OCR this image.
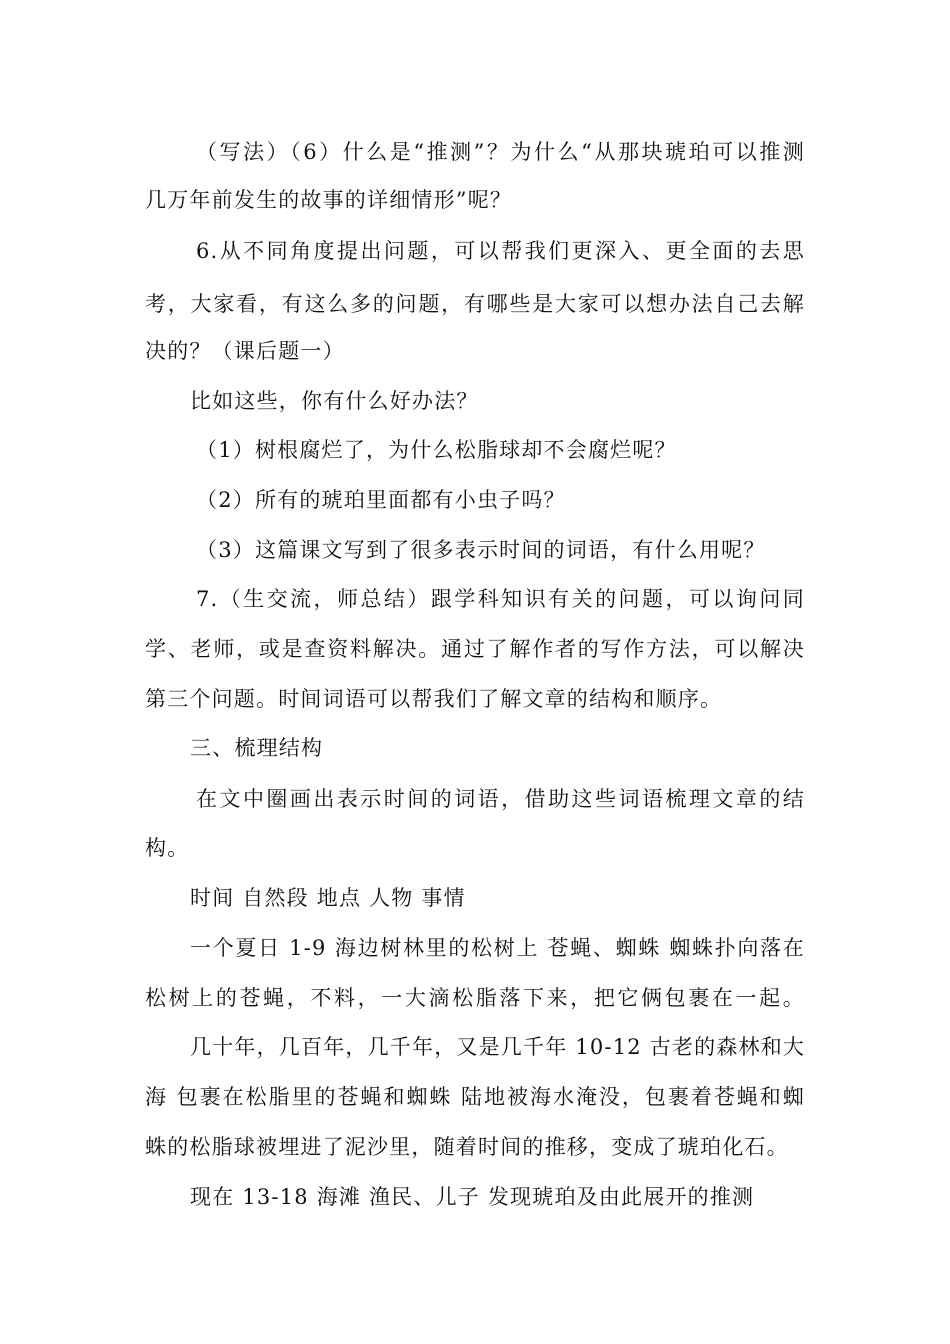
（写法）（6）什么是“推测”？为什么“从那块琥珀可以推测
几万年前发生的故事的详细情形”呢？
6.从不同角度提出问题，可以帮我们更深入、更全面的去思
考，大家看，有这么多的问题，有哪些是大家可以想办法自己去解
决的？（课后题一）
比如这些，你有什么好办法？
（1）树根腐烂了，为什么松脂球却不会腐烂呢？
（2）所有的琥珀里面都有小虫子吗？
（3）这篇课文写到了很多表示时间的词语，有什么用呢？
7.（生交流，师总结）跟学科知识有关的问题，可以询问同
学、老师，或是查资料解决。通过了解作者的写作方法，可以解决
第三个问题。时间词语可以帮我们了解文章的结构和顺序。
三、梳理结构
在文中圈画出表示时间的词语，借助这些词语梳理文章的结
构。
时间 自然段 地点 人物 事情
一个夏日 1-9 海边树林里的松树上 苍蝇、蜘蛛 蜘蛛扑向落在
松树上的苍蝇，不料，一大滴松脂落下来，把它俩包裹在一起。
几十年，几百年，几千年，又是几千年 10-12 古老的森林和大
海 包裹在松脂里的苍蝇和蜘蛛 陆地被海水淹没，包裹着苍蝇和蜘
蛛的松脂球被埋进了泥沙里，随着时间的推移，变成了琥珀化石。
现在 13-18 海滩 渔民、儿子 发现琥珀及由此展开的推测
